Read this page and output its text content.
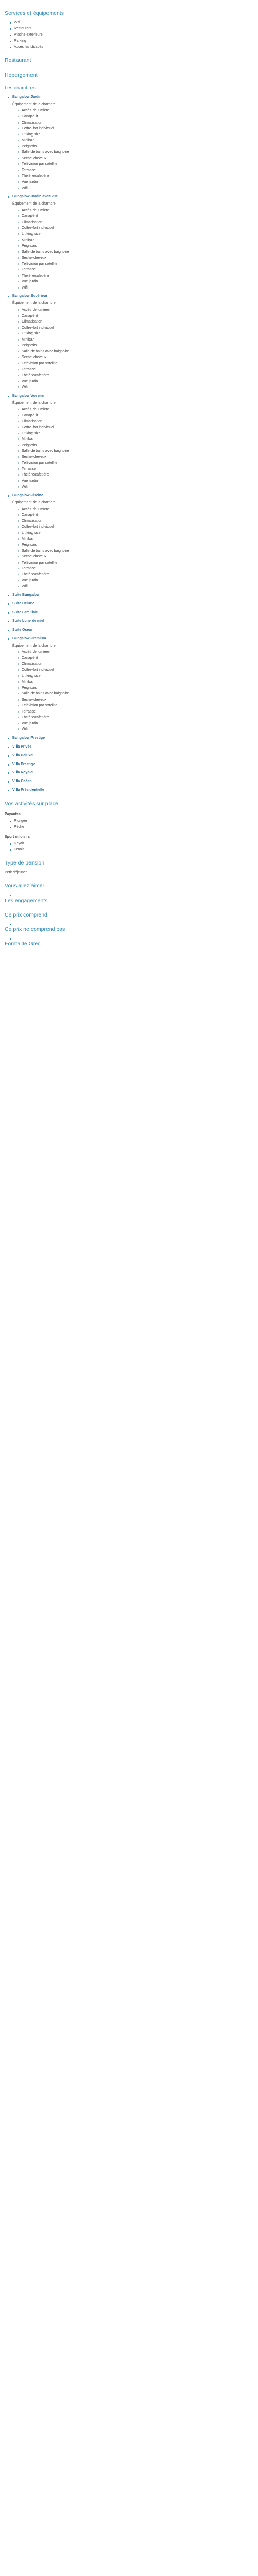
Services et équipements
Wifi
Restaurant
Piscine extérieure
Parking
Accès handicapés
Restaurant

Hébergement

Les chambres
Bungalow Jardin
Équipement de la chambre :
Accès de lumière
Canapé lit
Climatisation
Coffre-fort individuel
Lit king size
Minibar
Peignoirs
Salle de bains avec baignoire
Sèche-cheveux
Télévision par satellite
Terrasse
Théière/cafetière
Vue jardin
Wifi
Bungalow Jardin avec vue
Équipement de la chambre :
Accès de lumière
Canapé lit
Climatisation
Coffre-fort individuel
Lit king size
Minibar
Peignoirs
Salle de bains avec baignoire
Sèche-cheveux
Télévision par satellite
Terrasse
Théière/cafetière
Vue jardin
Wifi
Bungalow Supérieur
Équipement de la chambre :
Accès de lumière
Canapé lit
Climatisation
Coffre-fort individuel
Lit king size
Minibar
Peignoirs
Salle de bains avec baignoire
Sèche-cheveux
Télévision par satellite
Terrasse
Théière/cafetière
Vue jardin
Wifi
Bungalow Vue mer
Équipement de la chambre :
Accès de lumière
Canapé lit
Climatisation
Coffre-fort individuel
Lit king size
Minibar
Peignoirs
Salle de bains avec baignoire
Sèche-cheveux
Télévision par satellite
Terrasse
Théière/cafetière
Vue jardin
Wifi
Bungalow Piscine
Équipement de la chambre :
Accès de lumière
Canapé lit
Climatisation
Coffre-fort individuel
Lit king size
Minibar
Peignoirs
Salle de bains avec baignoire
Sèche-cheveux
Télévision par satellite
Terrasse
Théière/cafetière
Vue jardin
Wifi
Suite Bungalow
Suite Deluxe
Suite Familiale
Suite Lune de miel
Suite Océan
Bungalow Premium
Équipement de la chambre :
Accès de lumière
Canapé lit
Climatisation
Coffre-fort individuel
Lit king size
Minibar
Peignoirs
Salle de bains avec baignoire
Sèche-cheveux
Télévision par satellite
Terrasse
Théière/cafetière
Vue jardin
Wifi
Bungalow Prestige
Villa Privée
Villa Deluxe
Villa Prestige
Villa Royale
Villa Océan
Villa Présidentielle
Vos activités sur place

Payantes
Plongée
Pêche
Sport et loisirs
Kayak
Tennis
Type de pension

Petit déjeuner

Vous allez aimer
Les engagements

Ce prix comprend
Ce prix ne comprend pas
Formalité Grec
